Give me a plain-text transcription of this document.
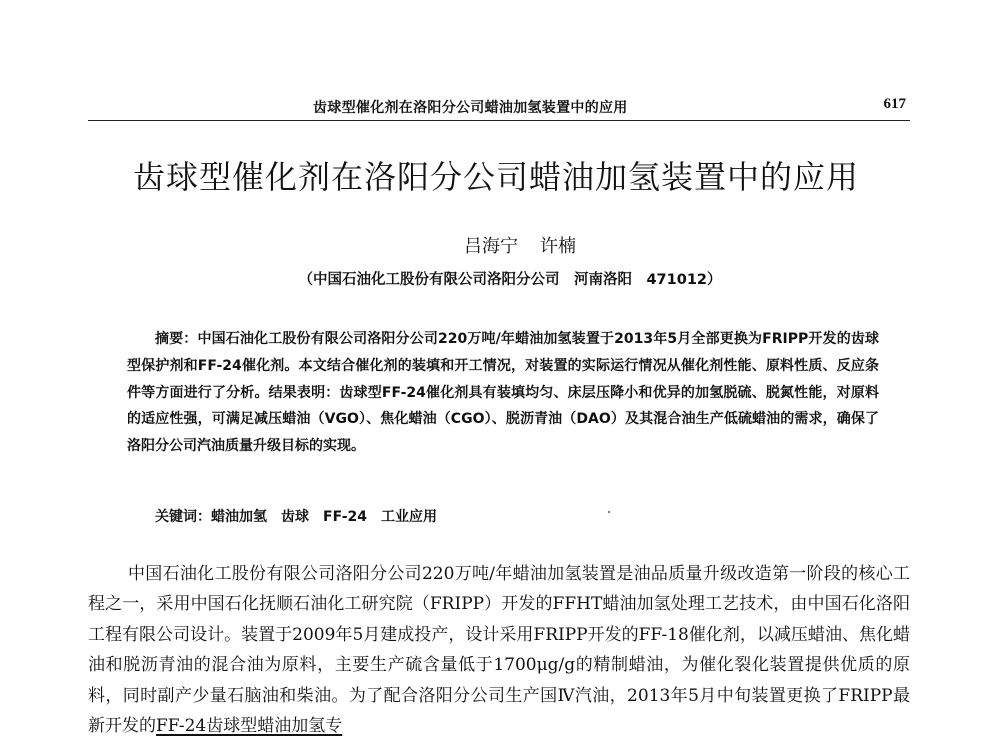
齿球型催化剂在洛阳分公司蜡油加氢装置中的应用	617
齿球型催化剂在洛阳分公司蜡油加氢装置中的应用
吕海宁 许楠
（中国石油化工股份有限公司洛阳分公司　河南洛阳　471012）

摘要：中国石油化工股份有限公司洛阳分公司220万吨/年蜡油加氢装置于2013年5月全部更换为FRIPP开发的齿球型保护剂和FF-24催化剂。本文结合催化剂的装填和开工情况，对装置的实际运行情况从催化剂性能、原料性质、反应条件等方面进行了分析。结果表明：齿球型FF-24催化剂具有装填均匀、床层压降小和优异的加氢脱硫、脱氮性能，对原料的适应性强，可满足减压蜡油（VGO）、焦化蜡油（CGO）、脱沥青油（DAO）及其混合油生产低硫蜡油的需求，确保了洛阳分公司汽油质量升级目标的实现。

关键词：蜡油加氢 齿球 FF-24 工业应用

中国石油化工股份有限公司洛阳分公司220万吨/年蜡油加氢装置是油品质量升级改造第一阶段的核心工程之一，采用中国石化抚顺石油化工研究院（FRIPP）开发的FFHT蜡油加氢处理工艺技术，由中国石化洛阳工程有限公司设计。装置于2009年5月建成投产，设计采用FRIPP开发的FF-18催化剂，以减压蜡油、焦化蜡油和脱沥青油的混合油为原料，主要生产硫含量低于1700μg/g的精制蜡油，为催化裂化装置提供优质的原料，同时副产少量石脑油和柴油。为了配合洛阳分公司生产国Ⅳ汽油，2013年5月中旬装置更换了FRIPP最新开发的FF-24齿球型蜡油加氢专
